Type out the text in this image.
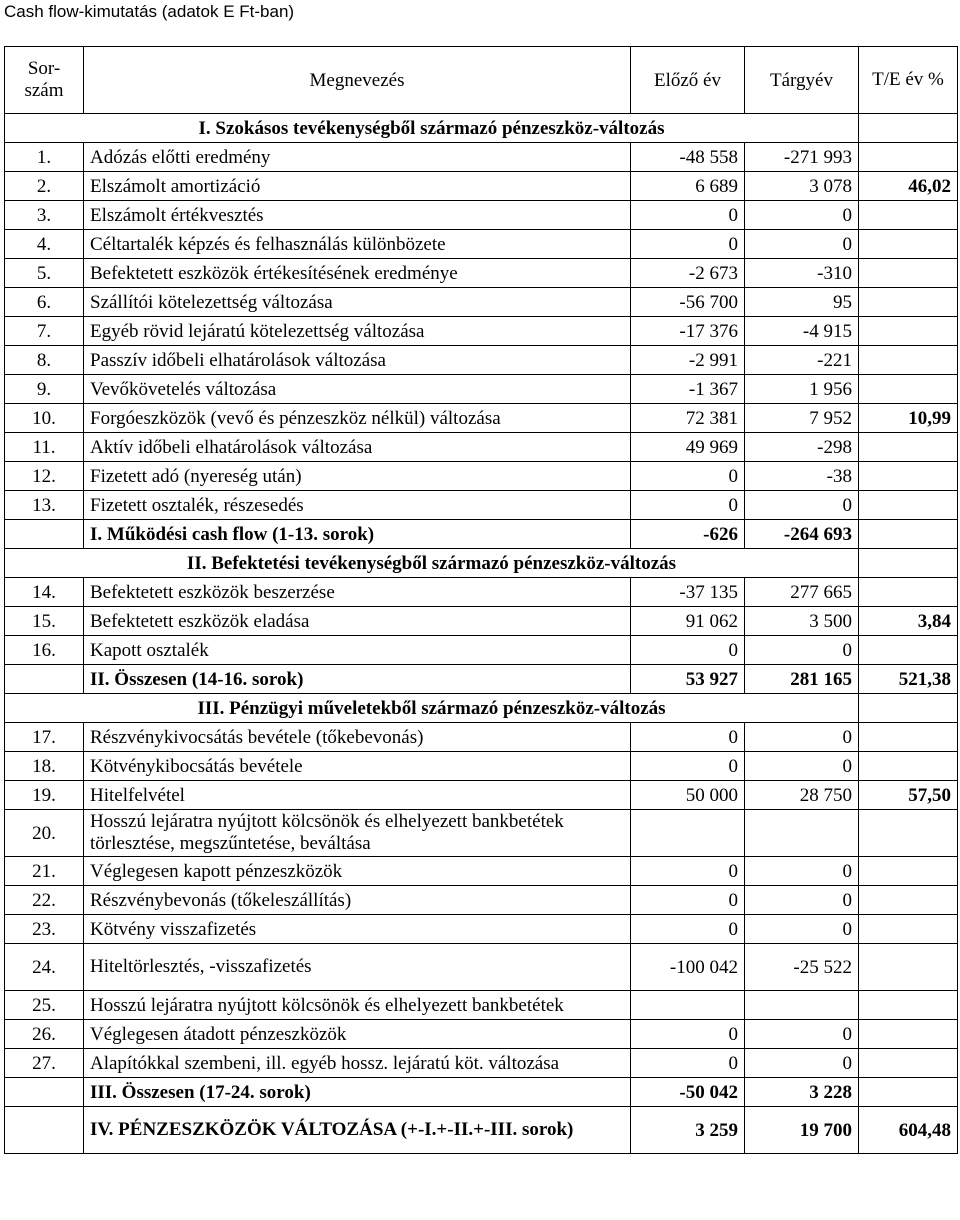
Cash flow-kimutatás (adatok E Ft-ban)
Sor-szám	Megnevezés	Előző év	Tárgyév	T/E év %
I. Szokásos tevékenységből származó pénzeszköz-változás				
1.	Adózás előtti eredmény	-48 558	-271 993	
2.	Elszámolt amortizáció	6 689	3 078	46,02
3.	Elszámolt értékvesztés	0	0	
4.	Céltartalék képzés és felhasználás különbözete	0	0	
5.	Befektetett eszközök értékesítésének eredménye	-2 673	-310	
6.	Szállítói kötelezettség változása	-56 700	95	
7.	Egyéb rövid lejáratú kötelezettség változása	-17 376	-4 915	
8.	Passzív időbeli elhatárolások változása	-2 991	-221	
9.	Vevőkövetelés változása	-1 367	1 956	
10.	Forgóeszközök (vevő és pénzeszköz nélkül) változása	72 381	7 952	10,99
11.	Aktív időbeli elhatárolások változása	49 969	-298	
12.	Fizetett adó (nyereség után)	0	-38	
13.	Fizetett osztalék, részesedés	0	0	
	I. Működési cash flow (1-13. sorok)	-626	-264 693	
II. Befektetési tevékenységből származó pénzeszköz-változás				
14.	Befektetett eszközök beszerzése	-37 135	277 665	
15.	Befektetett eszközök eladása	91 062	3 500	3,84
16.	Kapott osztalék	0	0	
	II. Összesen (14-16. sorok)	53 927	281 165	521,38
III. Pénzügyi műveletekből származó pénzeszköz-változás				
17.	Részvénykivocsátás bevétele (tőkebevonás)	0	0	
18.	Kötvénykibocsátás bevétele	0	0	
19.	Hitelfelvétel	50 000	28 750	57,50
20.	Hosszú lejáratra nyújtott kölcsönök és elhelyezett bankbetétek törlesztése, megszűntetése, beváltása			
21.	Véglegesen kapott pénzeszközök	0	0	
22.	Részvénybevonás (tőkeleszállítás)	0	0	
23.	Kötvény visszafizetés	0	0	
24.	Hiteltörlesztés, -visszafizetés	-100 042	-25 522	
25.	Hosszú lejáratra nyújtott kölcsönök és elhelyezett bankbetétek			
26.	Véglegesen átadott pénzeszközök	0	0	
27.	Alapítókkal szembeni, ill. egyéb hossz. lejáratú köt. változása	0	0	
	III. Összesen (17-24. sorok)	-50 042	3 228	
	IV. PÉNZESZKÖZÖK VÁLTOZÁSA (+-I.+-II.+-III. sorok)	3 259	19 700	604,48
